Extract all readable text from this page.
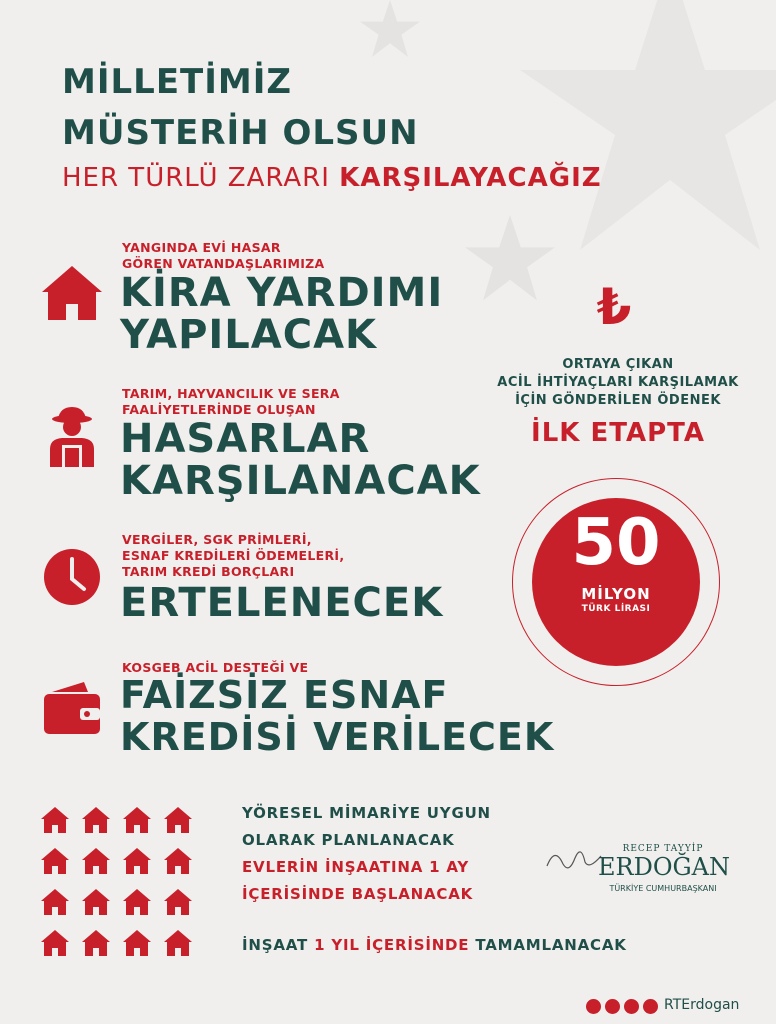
MİLLETİMİZ
MÜSTERİH OLSUN
HER TÜRLÜ ZARARI KARŞILAYACAĞIZ
YANGINDA EVİ HASAR
GÖREN VATANDAŞLARIMIZA
KİRA YARDIMI
YAPILACAK
TARIM, HAYVANCILIK VE SERA
FAALİYETLERİNDE OLUŞAN
HASARLAR
KARŞILANACAK
VERGİLER, SGK PRİMLERİ,
ESNAF KREDİLERİ ÖDEMELERİ,
TARIM KREDİ BORÇLARI
ERTELENECEK
KOSGEB ACİL DESTEĞİ VE
FAİZSİZ ESNAF
KREDİSİ VERİLECEK
₺
ORTAYA ÇIKAN
ACİL İHTİYAÇLARI KARŞILAMAK
İÇİN GÖNDERİLEN ÖDENEK
İLK ETAPTA
50
MİLYON
TÜRK LİRASI
YÖRESEL MİMARİYE UYGUN
OLARAK PLANLANACAK
EVLERİN İNŞAATINA 1 AY
İÇERİSİNDE BAŞLANACAK
İNŞAAT 1 YIL İÇERİSİNDE TAMAMLANACAK
RECEP TAYYİP
ERDOĞAN
TÜRKİYE CUMHURBAŞKANI
RTErdogan
